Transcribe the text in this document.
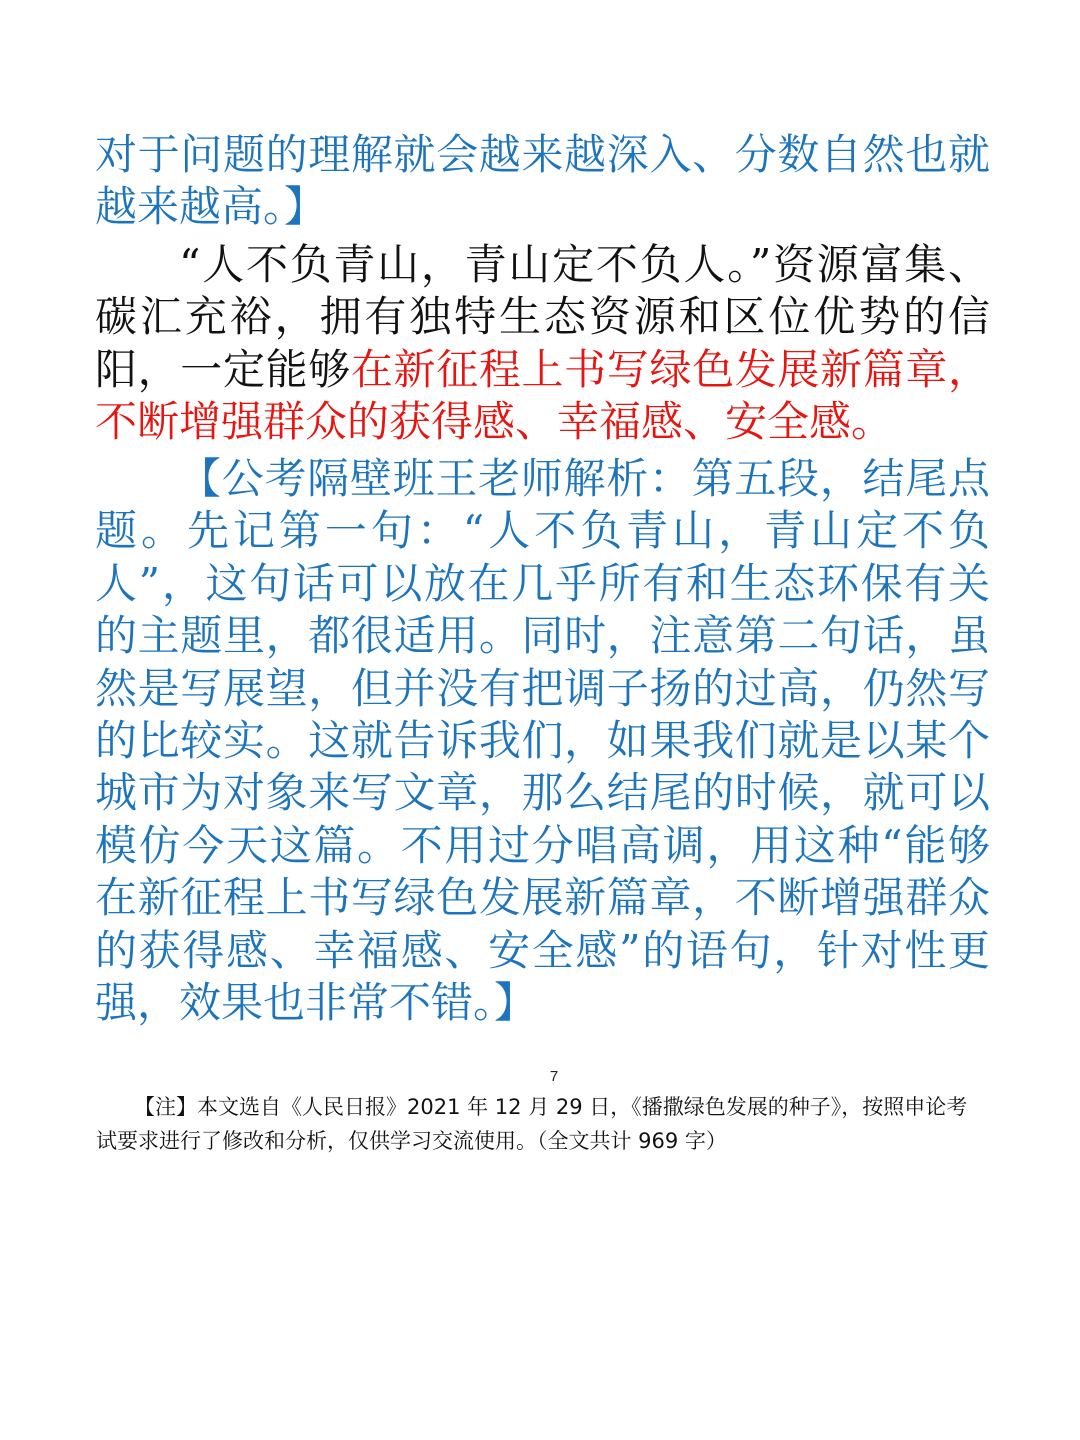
对于问题的理解就会越来越深入、分数自然也就越来越高。】

“人不负青山，青山定不负人。”资源富集、碳汇充裕，拥有独特生态资源和区位优势的信阳，一定能够在新征程上书写绿色发展新篇章，不断增强群众的获得感、幸福感、安全感。

【公考隔壁班王老师解析：第五段，结尾点题。先记第一句：“人不负青山，青山定不负人”，这句话可以放在几乎所有和生态环保有关的主题里，都很适用。同时，注意第二句话，虽然是写展望，但并没有把调子扬的过高，仍然写的比较实。这就告诉我们，如果我们就是以某个城市为对象来写文章，那么结尾的时候，就可以模仿今天这篇。不用过分唱高调，用这种“能够在新征程上书写绿色发展新篇章，不断增强群众的获得感、幸福感、安全感”的语句，针对性更强，效果也非常不错。】

7

【注】本文选自《人民日报》2021 年 12 月 29 日，《播撒绿色发展的种子》，按照申论考试要求进行了修改和分析，仅供学习交流使用。（全文共计 969 字）
